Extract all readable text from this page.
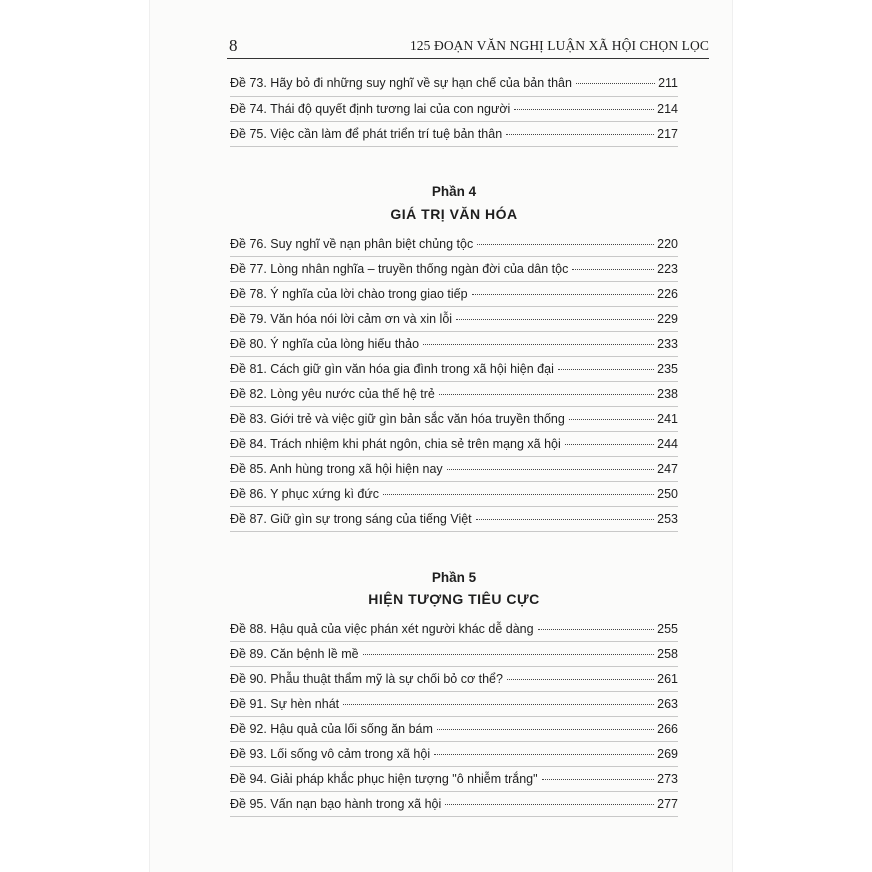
8	125 ĐOẠN VĂN NGHỊ LUẬN XÃ HỘI CHỌN LỌC
Đề 73. Hãy bỏ đi những suy nghĩ về sự hạn chế của bản thân	211
Đề 74. Thái độ quyết định tương lai của con người	214
Đề 75. Việc cần làm để phát triển trí tuệ bản thân	217
Phần 4
GIÁ TRỊ VĂN HÓA
Đề 76. Suy nghĩ về nạn phân biệt chủng tộc	220
Đề 77. Lòng nhân nghĩa – truyền thống ngàn đời của dân tộc	223
Đề 78. Ý nghĩa của lời chào trong giao tiếp	226
Đề 79. Văn hóa nói lời cảm ơn và xin lỗi	229
Đề 80. Ý nghĩa của lòng hiếu thảo	233
Đề 81. Cách giữ gìn văn hóa gia đình trong xã hội hiện đại	235
Đề 82. Lòng yêu nước của thế hệ trẻ	238
Đề 83. Giới trẻ và việc giữ gìn bản sắc văn hóa truyền thống	241
Đề 84. Trách nhiệm khi phát ngôn, chia sẻ trên mạng xã hội	244
Đề 85. Anh hùng trong xã hội hiện nay	247
Đề 86. Y phục xứng kì đức	250
Đề 87. Giữ gìn sự trong sáng của tiếng Việt	253
Phần 5
HIỆN TƯỢNG TIÊU CỰC
Đề 88. Hậu quả của việc phán xét người khác dễ dàng	255
Đề 89. Căn bệnh lề mề	258
Đề 90. Phẫu thuật thẩm mỹ là sự chối bỏ cơ thể?	261
Đề 91. Sự hèn nhát	263
Đề 92. Hậu quả của lối sống ăn bám	266
Đề 93. Lối sống vô cảm trong xã hội	269
Đề 94. Giải pháp khắc phục hiện tượng "ô nhiễm trắng"	273
Đề 95. Vấn nạn bạo hành trong xã hội	277
